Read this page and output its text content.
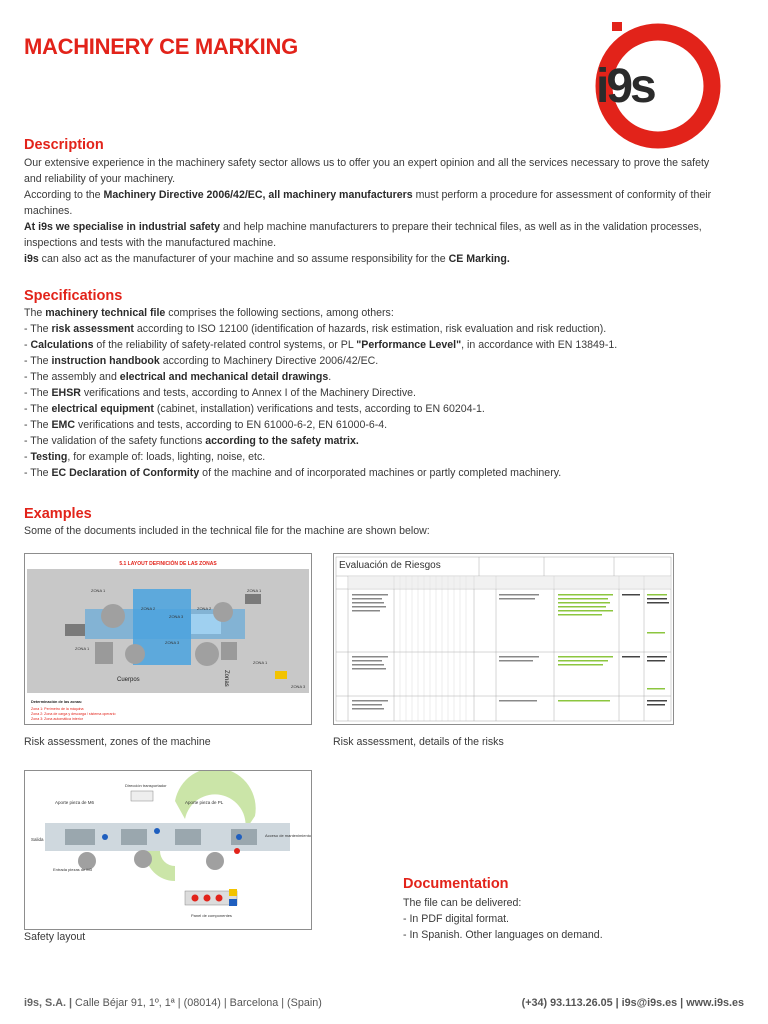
MACHINERY CE MARKING
i9s
Description
Our extensive experience in the machinery safety sector allows us to offer you an expert opinion and all the services necessary to prove the safety
and reliability of your machinery.
According to the Machinery Directive 2006/42/EC, all machinery manufacturers must perform a procedure for assessment of conformity of their
machines.
At i9s we specialise in industrial safety and help machine manufacturers to prepare their technical files, as well as in the validation processes,
inspections and tests with the manufactured machine.
i9s can also act as the manufacturer of your machine and so assume responsibility for the CE Marking.
Specifications
The machinery technical file comprises the following sections, among others:
- The risk assessment according to ISO 12100 (identification of hazards, risk estimation, risk evaluation and risk reduction).
- Calculations of the reliability of safety-related control systems, or PL "Performance Level", in accordance with EN 13849-1.
- The instruction handbook according to Machinery Directive 2006/42/EC.
- The assembly and electrical and mechanical detail drawings.
- The EHSR verifications and tests, according to Annex I of the Machinery Directive.
- The electrical equipment (cabinet, installation) verifications and tests, according to EN 60204-1.
- The EMC verifications and tests, according to EN 61000-6-2, EN 61000-6-4.
- The validation of the safety functions according to the safety matrix.
- Testing, for example of: loads, lighting, noise, etc.
- The EC Declaration of Conformity of the machine and of incorporated machines or partly completed machinery.
Examples

Some of the documents included in the technical file for the machine are shown below:

5.1 LAYOUT DEFINICIÓN DE LAS ZONAS
ZONA 1	ZONA 1
ZONA 2
ZONA 3
ZONA 2
ZONA 1
ZONA 1
ZONA 3
ZONA 3
Cuerpos	Zonas
Determinación de las zonas:
Zona 1: Perímetro de la máquina
Zona 2: Zona de carga y descarga / sistema operario
Zona 3: Zona automática interior

Risk assessment, zones of the machine

Evaluación de Riesgos

Risk assessment, details of the risks

Aporte pieza de M6	Aporte pieza de PL
Salida
Entrada piezas de M3
Dirección transportador
Acceso de mantenimiento
Panel de componentes

Safety layout

Documentation
The file can be delivered:
- In PDF digital format.
- In Spanish. Other languages on demand.
i9s, S.A. | Calle Béjar 91, 1º, 1ª | (08014) | Barcelona | (Spain)	(+34) 93.113.26.05 | i9s@i9s.es | www.i9s.es
